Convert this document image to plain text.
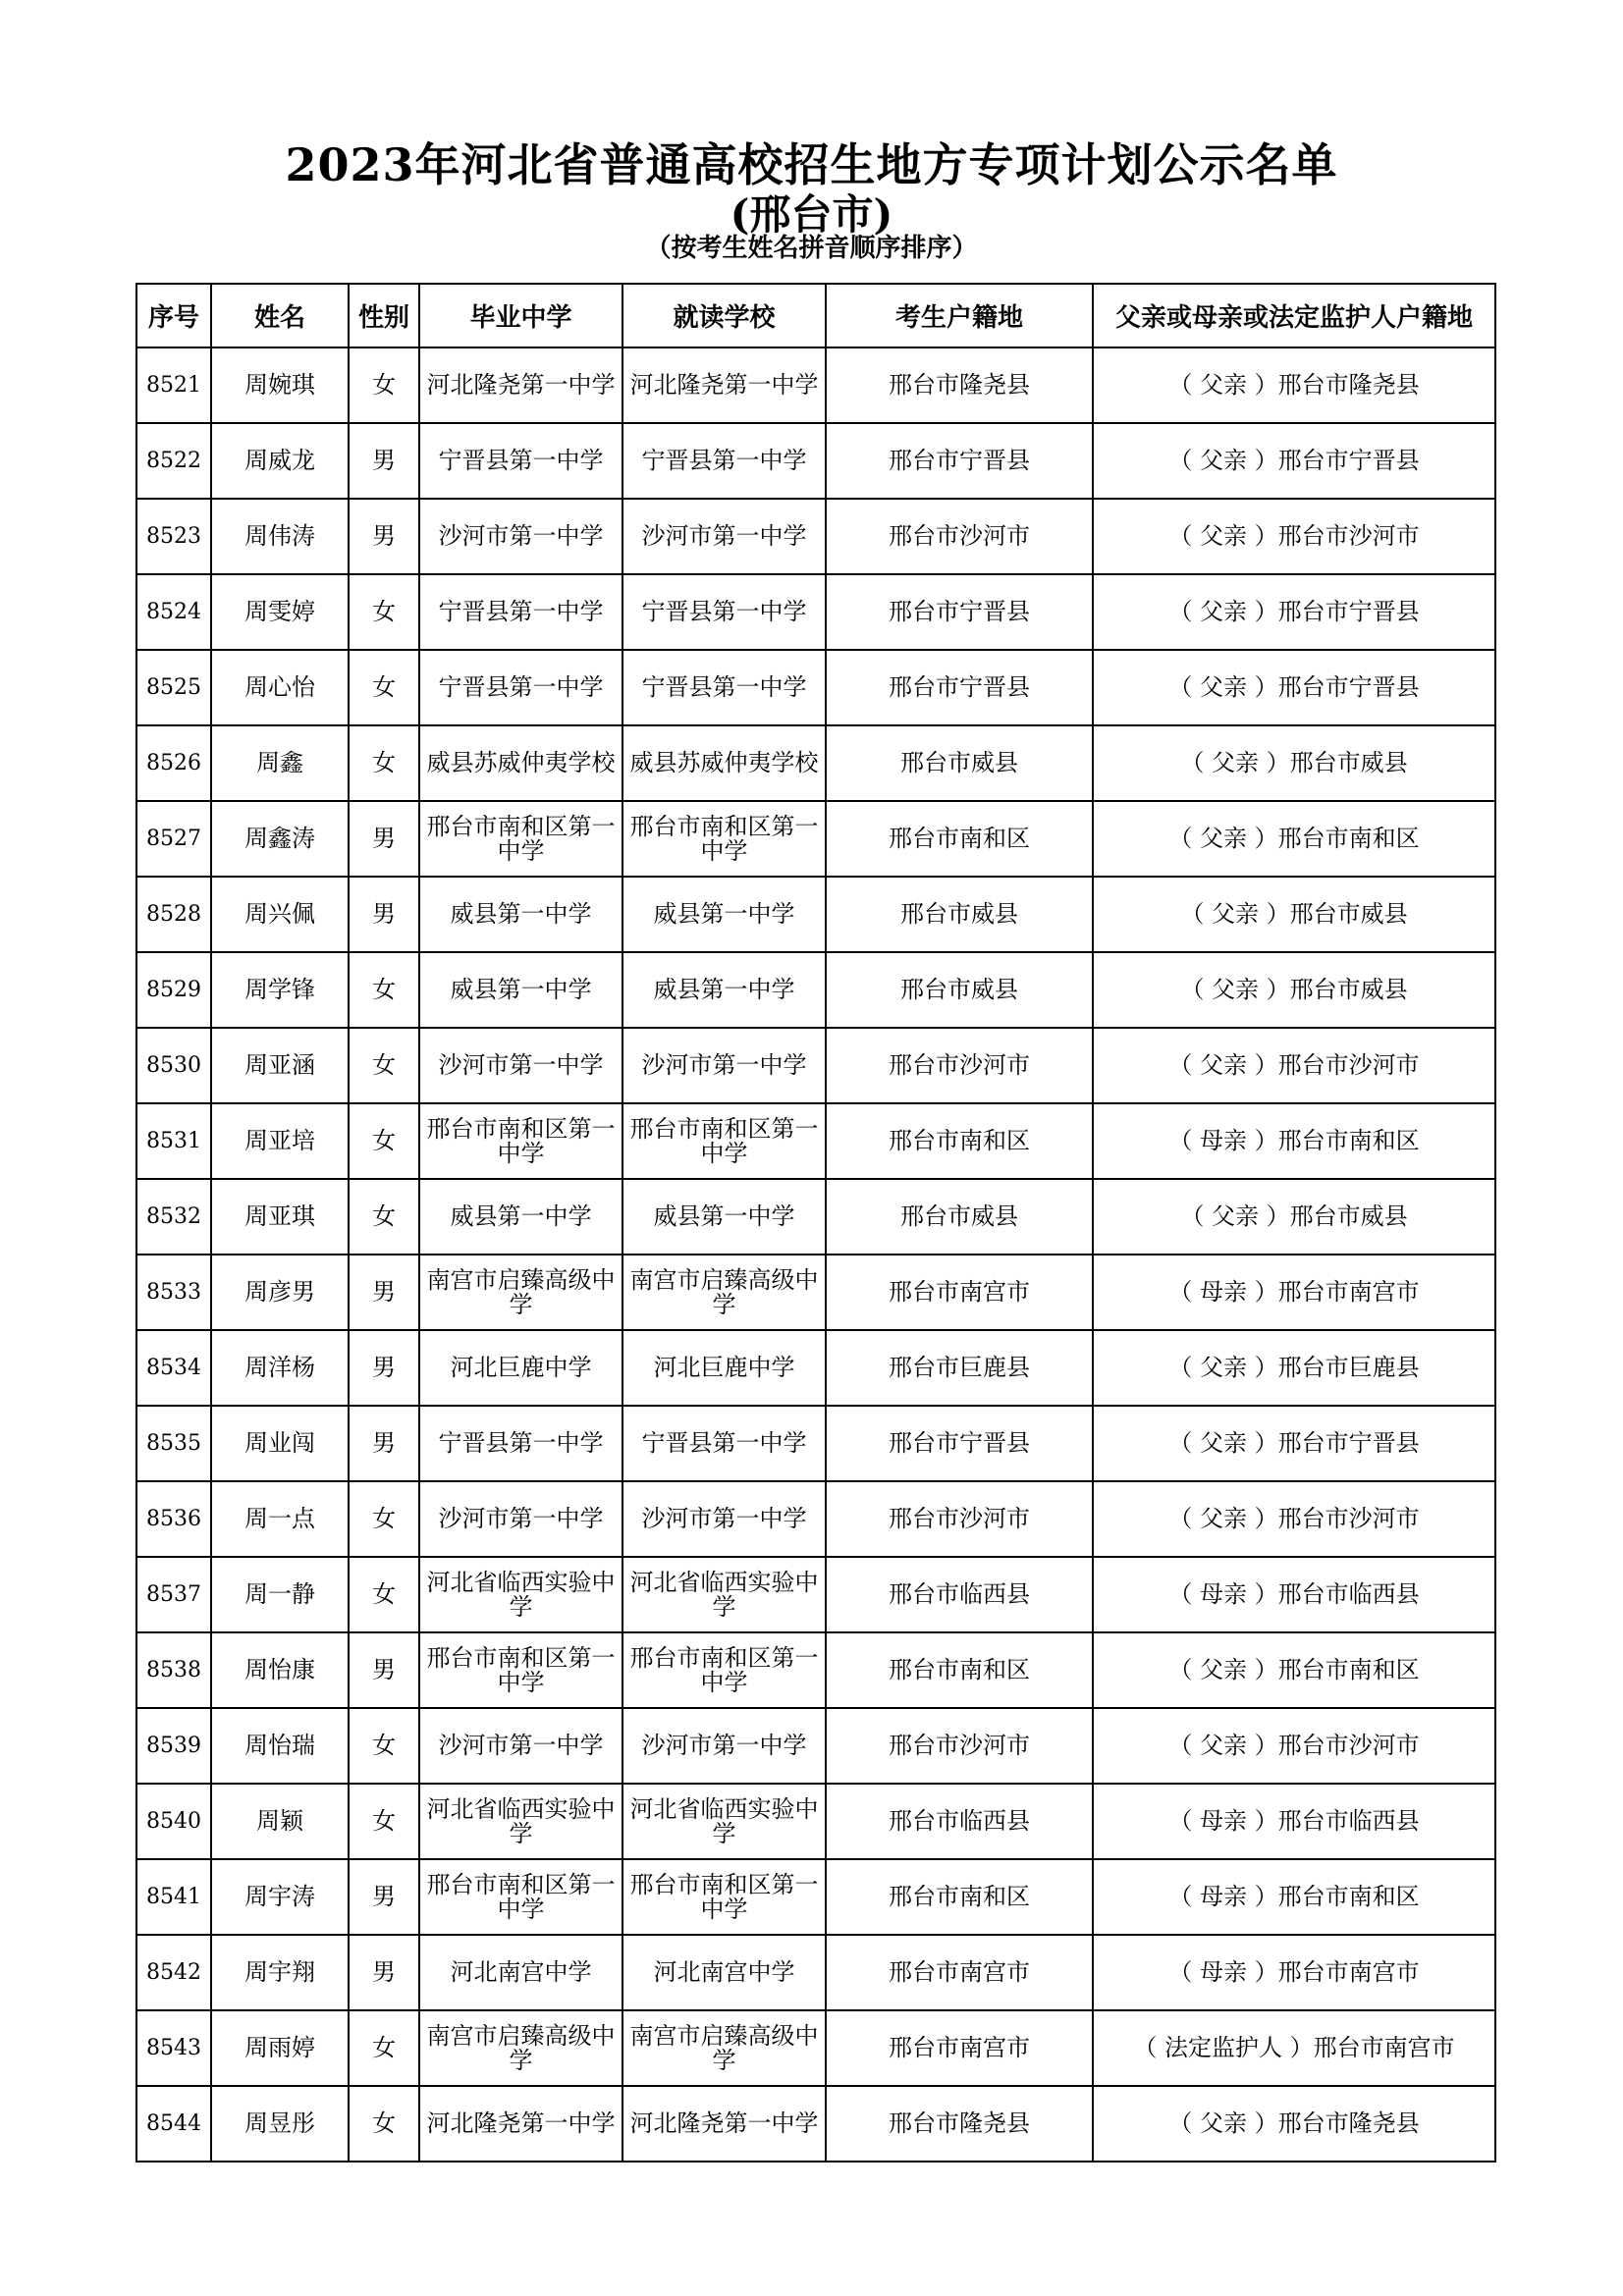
2023年河北省普通高校招生地方专项计划公示名单
(邢台市)
（按考生姓名拼音顺序排序）
序号	姓名	性别	毕业中学	就读学校	考生户籍地	父亲或母亲或法定监护人户籍地
8521	周婉琪	女	河北隆尧第一中学	河北隆尧第一中学	邢台市隆尧县	（ 父亲 ）邢台市隆尧县
8522	周威龙	男	宁晋县第一中学	宁晋县第一中学	邢台市宁晋县	（ 父亲 ）邢台市宁晋县
8523	周伟涛	男	沙河市第一中学	沙河市第一中学	邢台市沙河市	（ 父亲 ）邢台市沙河市
8524	周雯婷	女	宁晋县第一中学	宁晋县第一中学	邢台市宁晋县	（ 父亲 ）邢台市宁晋县
8525	周心怡	女	宁晋县第一中学	宁晋县第一中学	邢台市宁晋县	（ 父亲 ）邢台市宁晋县
8526	周鑫	女	威县苏威仲夷学校	威县苏威仲夷学校	邢台市威县	（ 父亲 ）邢台市威县
8527	周鑫涛	男	邢台市南和区第一中学	邢台市南和区第一中学	邢台市南和区	（ 父亲 ）邢台市南和区
8528	周兴佩	男	威县第一中学	威县第一中学	邢台市威县	（ 父亲 ）邢台市威县
8529	周学锋	女	威县第一中学	威县第一中学	邢台市威县	（ 父亲 ）邢台市威县
8530	周亚涵	女	沙河市第一中学	沙河市第一中学	邢台市沙河市	（ 父亲 ）邢台市沙河市
8531	周亚培	女	邢台市南和区第一中学	邢台市南和区第一中学	邢台市南和区	（ 母亲 ）邢台市南和区
8532	周亚琪	女	威县第一中学	威县第一中学	邢台市威县	（ 父亲 ）邢台市威县
8533	周彦男	男	南宫市启臻高级中学	南宫市启臻高级中学	邢台市南宫市	（ 母亲 ）邢台市南宫市
8534	周洋杨	男	河北巨鹿中学	河北巨鹿中学	邢台市巨鹿县	（ 父亲 ）邢台市巨鹿县
8535	周业闯	男	宁晋县第一中学	宁晋县第一中学	邢台市宁晋县	（ 父亲 ）邢台市宁晋县
8536	周一点	女	沙河市第一中学	沙河市第一中学	邢台市沙河市	（ 父亲 ）邢台市沙河市
8537	周一静	女	河北省临西实验中学	河北省临西实验中学	邢台市临西县	（ 母亲 ）邢台市临西县
8538	周怡康	男	邢台市南和区第一中学	邢台市南和区第一中学	邢台市南和区	（ 父亲 ）邢台市南和区
8539	周怡瑞	女	沙河市第一中学	沙河市第一中学	邢台市沙河市	（ 父亲 ）邢台市沙河市
8540	周颖	女	河北省临西实验中学	河北省临西实验中学	邢台市临西县	（ 母亲 ）邢台市临西县
8541	周宇涛	男	邢台市南和区第一中学	邢台市南和区第一中学	邢台市南和区	（ 母亲 ）邢台市南和区
8542	周宇翔	男	河北南宫中学	河北南宫中学	邢台市南宫市	（ 母亲 ）邢台市南宫市
8543	周雨婷	女	南宫市启臻高级中学	南宫市启臻高级中学	邢台市南宫市	（ 法定监护人 ）邢台市南宫市
8544	周昱彤	女	河北隆尧第一中学	河北隆尧第一中学	邢台市隆尧县	（ 父亲 ）邢台市隆尧县
